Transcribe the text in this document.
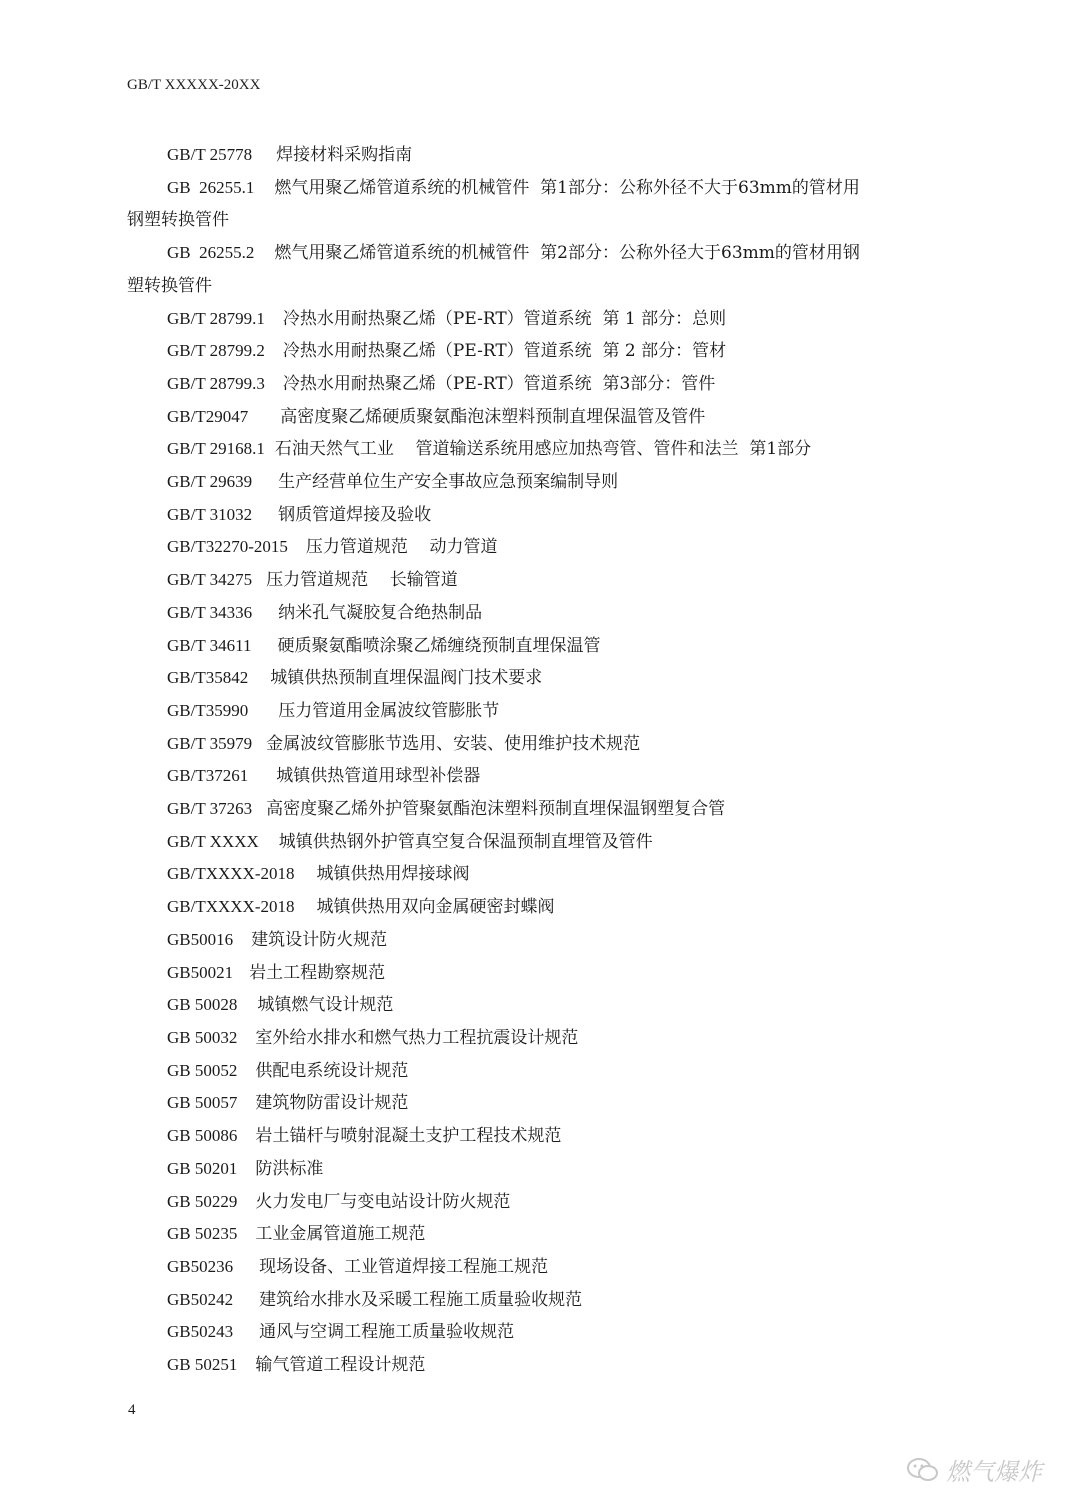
GB/T XXXXX-20XX
GB/T 25778 焊接材料采购指南
GB  26255.1 燃气用聚乙烯管道系统的机械管件  第1部分：公称外径不大于63mm的管材用
钢塑转换管件
GB  26255.2 燃气用聚乙烯管道系统的机械管件  第2部分：公称外径大于63mm的管材用钢
塑转换管件
GB/T 28799.1 冷热水用耐热聚乙烯（PE-RT）管道系统  第 1 部分：总则
GB/T 28799.2 冷热水用耐热聚乙烯（PE-RT）管道系统  第 2 部分：管材
GB/T 28799.3 冷热水用耐热聚乙烯（PE-RT）管道系统  第3部分：管件
GB/T29047 高密度聚乙烯硬质聚氨酯泡沫塑料预制直埋保温管及管件
GB/T 29168.1 石油天然气工业    管道输送系统用感应加热弯管、管件和法兰  第1部分
GB/T 29639 生产经营单位生产安全事故应急预案编制导则
GB/T 31032 钢质管道焊接及验收
GB/T32270-2015 压力管道规范    动力管道
GB/T 34275 压力管道规范    长输管道
GB/T 34336 纳米孔气凝胶复合绝热制品
GB/T 34611 硬质聚氨酯喷涂聚乙烯缠绕预制直埋保温管
GB/T35842 城镇供热预制直埋保温阀门技术要求
GB/T35990 压力管道用金属波纹管膨胀节
GB/T 35979 金属波纹管膨胀节选用、安装、使用维护技术规范
GB/T37261 城镇供热管道用球型补偿器
GB/T 37263 高密度聚乙烯外护管聚氨酯泡沫塑料预制直埋保温钢塑复合管
GB/T XXXX 城镇供热钢外护管真空复合保温预制直埋管及管件
GB/TXXXX-2018 城镇供热用焊接球阀
GB/TXXXX-2018 城镇供热用双向金属硬密封蝶阀
GB50016 建筑设计防火规范
GB50021 岩土工程勘察规范
GB 50028 城镇燃气设计规范
GB 50032 室外给水排水和燃气热力工程抗震设计规范
GB 50052 供配电系统设计规范
GB 50057 建筑物防雷设计规范
GB 50086 岩土锚杆与喷射混凝土支护工程技术规范
GB 50201 防洪标准
GB 50229 火力发电厂与变电站设计防火规范
GB 50235 工业金属管道施工规范
GB50236 现场设备、工业管道焊接工程施工规范
GB50242 建筑给水排水及采暖工程施工质量验收规范
GB50243 通风与空调工程施工质量验收规范
GB 50251 输气管道工程设计规范
4
燃气爆炸
